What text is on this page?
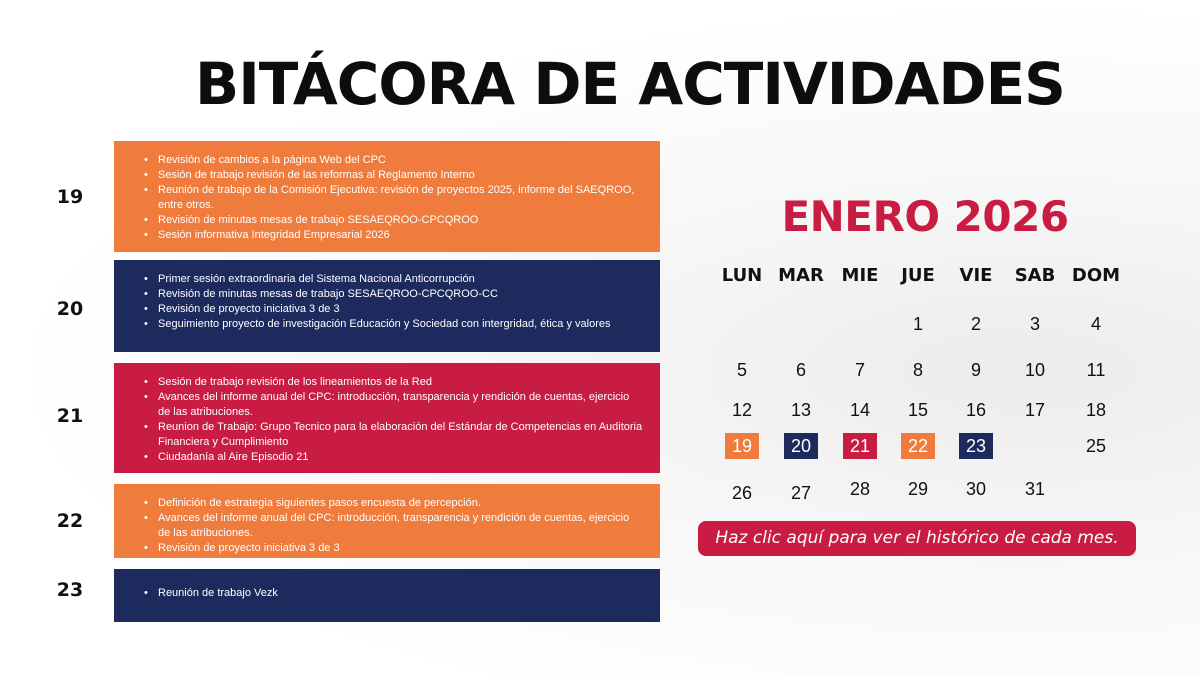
BITÁCORA DE ACTIVIDADES
19
• Revisión de cambios a la página Web del CPC
• Sesión de trabajo revisión de las reformas al Reglamento Interno
• Reunión de trabajo de la Comisión Ejecutiva: revisión de proyectos 2025, informe del SAEQROO, entre otros.
• Revisión de minutas mesas de trabajo SESAEQROO-CPCQROO
• Sesión informativa Integridad Empresarial 2026
20
• Primer sesión extraordinaria del Sistema Nacional Anticorrupción
• Revisión de minutas mesas de trabajo SESAEQROO-CPCQROO-CC
• Revisión de proyecto iniciativa 3 de 3
• Seguimiento proyecto de investigación Educación y Sociedad con intergridad, ética y valores
21
• Sesión de trabajo revisión de los lineamientos de la Red
• Avances del informe anual del CPC: introducción, transparencia y rendición de cuentas, ejercicio de las atribuciones.
• Reunion de Trabajo: Grupo Tecnico para la elaboración del Estándar de Competencias en Auditoria Financiera y Cumplimiento
• Ciudadanía al Aire Episodio 21
22
• Definición de estrategia siguientes pasos encuesta de percepción.
• Avances del informe anual del CPC: introducción, transparencia y rendición de cuentas, ejercicio de las atribuciones.
• Revisión de proyecto iniciativa 3 de 3
23
•	Reunión de trabajo Vezk
ENERO 2026
LUN MAR MIE	JUE	VIE	SAB DOM
1	2	3	4
5	6	7	8	9	10	11
12	13	14	15	16	17	18
19	20	21	22	23	24	25
26	27	28	29	30	31
Haz clic aquí para ver el histórico de cada mes.
